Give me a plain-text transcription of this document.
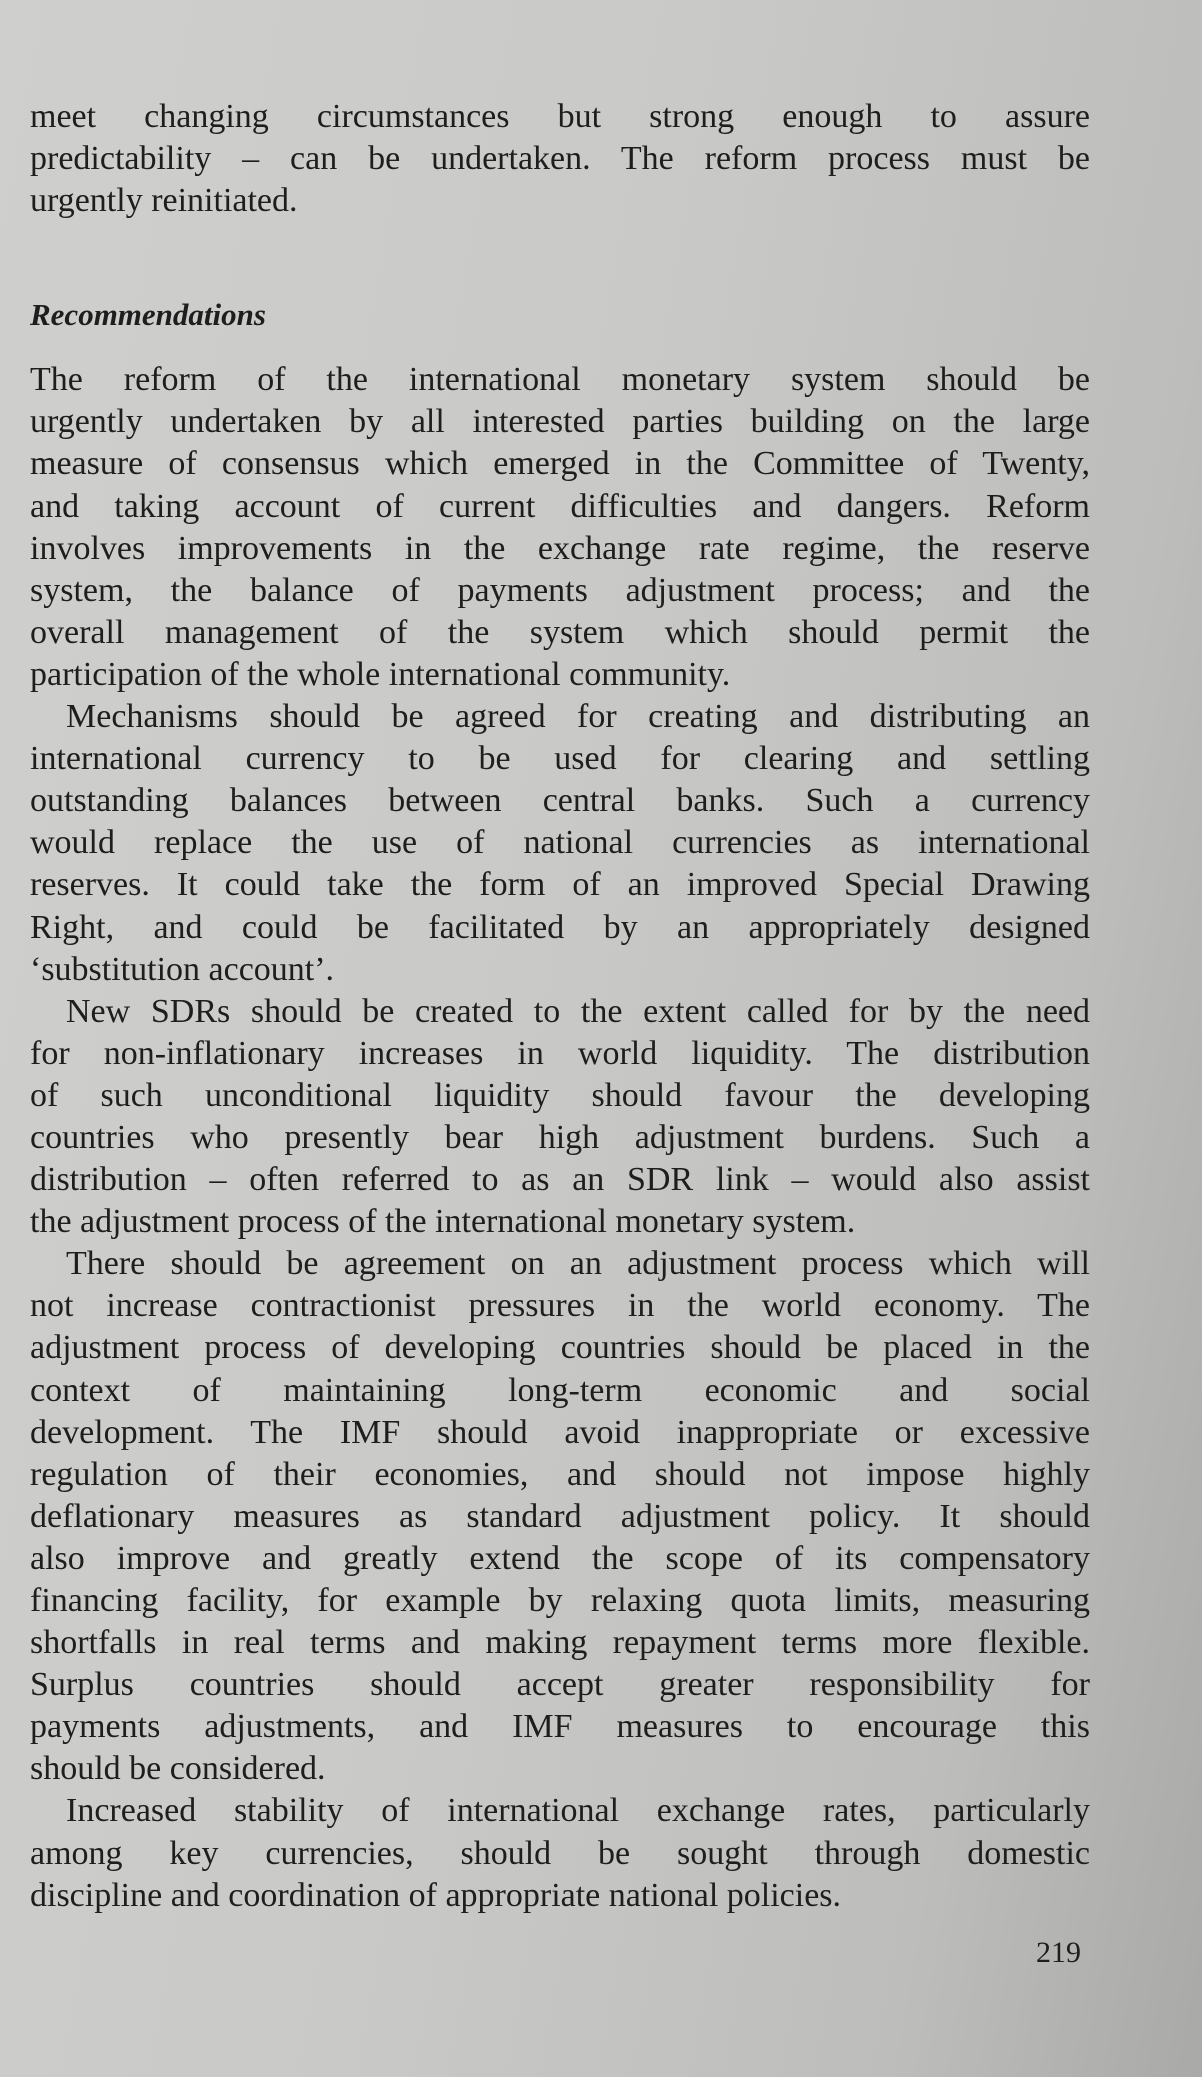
meet changing circumstances but strong enough to assure
predictability – can be undertaken. The reform process must be
urgently reinitiated.
Recommendations
The reform of the international monetary system should be
urgently undertaken by all interested parties building on the large
measure of consensus which emerged in the Committee of Twenty,
and taking account of current difficulties and dangers. Reform
involves improvements in the exchange rate regime, the reserve
system, the balance of payments adjustment process; and the
overall management of the system which should permit the
participation of the whole international community.
Mechanisms should be agreed for creating and distributing an
international currency to be used for clearing and settling
outstanding balances between central banks. Such a currency
would replace the use of national currencies as international
reserves. It could take the form of an improved Special Drawing
Right, and could be facilitated by an appropriately designed
‘substitution account’.
New SDRs should be created to the extent called for by the need
for non-inflationary increases in world liquidity. The distribution
of such unconditional liquidity should favour the developing
countries who presently bear high adjustment burdens. Such a
distribution – often referred to as an SDR link – would also assist
the adjustment process of the international monetary system.
There should be agreement on an adjustment process which will
not increase contractionist pressures in the world economy. The
adjustment process of developing countries should be placed in the
context of maintaining long-term economic and social
development. The IMF should avoid inappropriate or excessive
regulation of their economies, and should not impose highly
deflationary measures as standard adjustment policy. It should
also improve and greatly extend the scope of its compensatory
financing facility, for example by relaxing quota limits, measuring
shortfalls in real terms and making repayment terms more flexible.
Surplus countries should accept greater responsibility for
payments adjustments, and IMF measures to encourage this
should be considered.
Increased stability of international exchange rates, particularly
among key currencies, should be sought through domestic
discipline and coordination of appropriate national policies.
219
